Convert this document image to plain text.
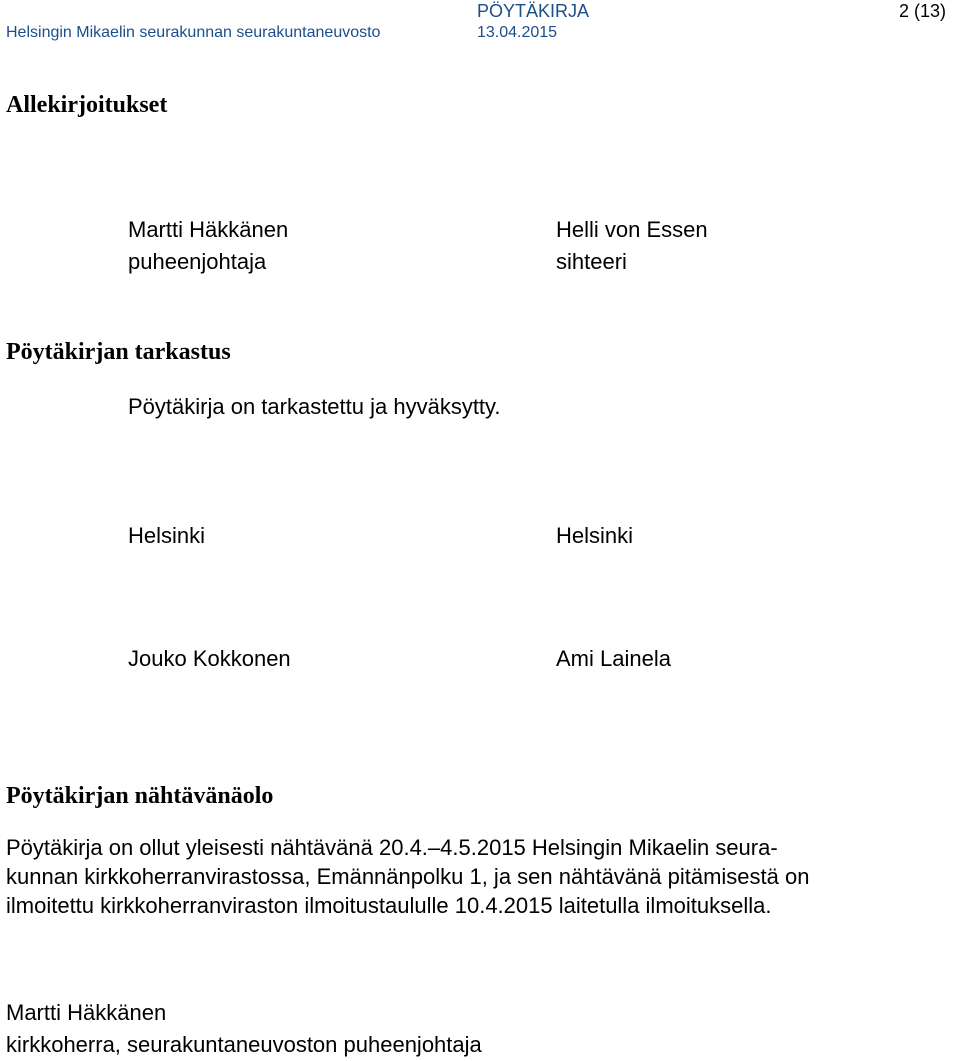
Helsingin Mikaelin seurakunnan seurakuntaneuvosto
PÖYTÄKIRJA
13.04.2015
2 (13)
Allekirjoitukset

Martti Häkkänen

puheenjohtaja

Helli von Essen

sihteeri

Pöytäkirjan tarkastus

Pöytäkirja on tarkastettu ja hyväksytty.

Helsinki

Jouko Kokkonen

Helsinki

Ami Lainela

Pöytäkirjan nähtävänäolo

Pöytäkirja on ollut yleisesti nähtävänä 20.4.–4.5.2015 Helsingin Mikaelin seura-
kunnan kirkkoherranvirastossa, Emännänpolku 1, ja sen nähtävänä pitämisestä on
ilmoitettu kirkkoherranviraston ilmoitustaululle 10.4.2015 laitetulla ilmoituksella.

Martti Häkkänen

kirkkoherra, seurakuntaneuvoston puheenjohtaja
